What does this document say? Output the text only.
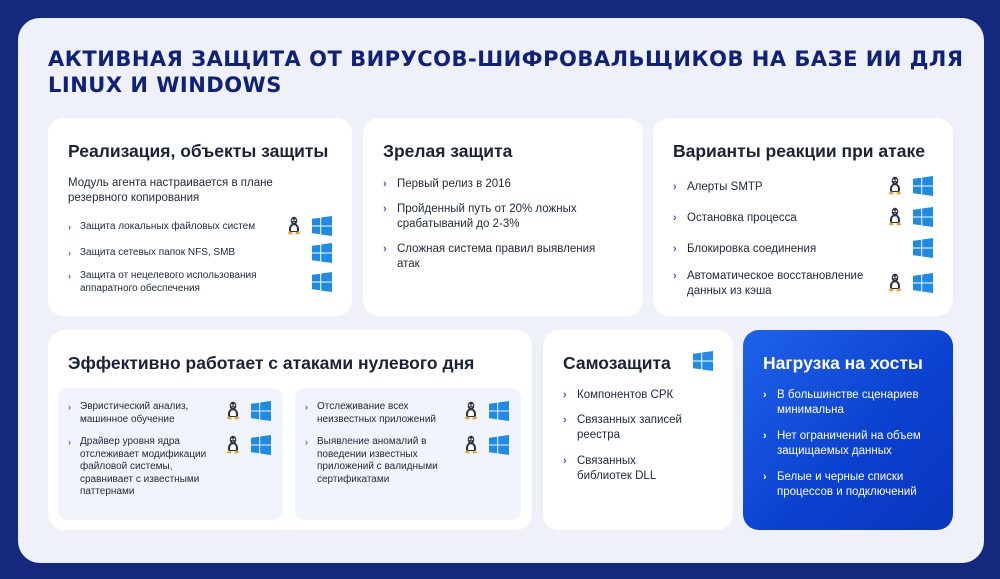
АКТИВНАЯ ЗАЩИТА ОТ ВИРУСОВ-ШИФРОВАЛЬЩИКОВ НА БАЗЕ ИИ ДЛЯ LINUX И WINDOWS
Реализация, объекты защиты
Модуль агента настраивается в плане резервного копирования
› Защита локальных файловых систем
› Защита сетевых папок NFS, SMB
› Защита от нецелевого использования аппаратного обеспечения
Зрелая защита
› Первый релиз в 2016
› Пройденный путь от 20% ложных срабатываний до 2-3%
› Сложная система правил выявления атак
Варианты реакции при атаке
› Алерты SMTP
› Остановка процесса
› Блокировка соединения
› Автоматическое восстановление данных из кэша
Эффективно работает с атаками нулевого дня
› Эвристический анализ, машинное обучение
› Драйвер уровня ядра отслеживает модификации файловой системы, сравнивает с известными паттернами
› Отслеживание всех неизвестных приложений
› Выявление аномалий в поведении известных приложений с валидными сертификатами
Самозащита
› Компонентов СРК
› Связанных записей реестра
› Связанных библиотек DLL
Нагрузка на хосты
› В большинстве сценариев минимальна
› Нет ограничений на объем защищаемых данных
› Белые и черные списки процессов и подключений
